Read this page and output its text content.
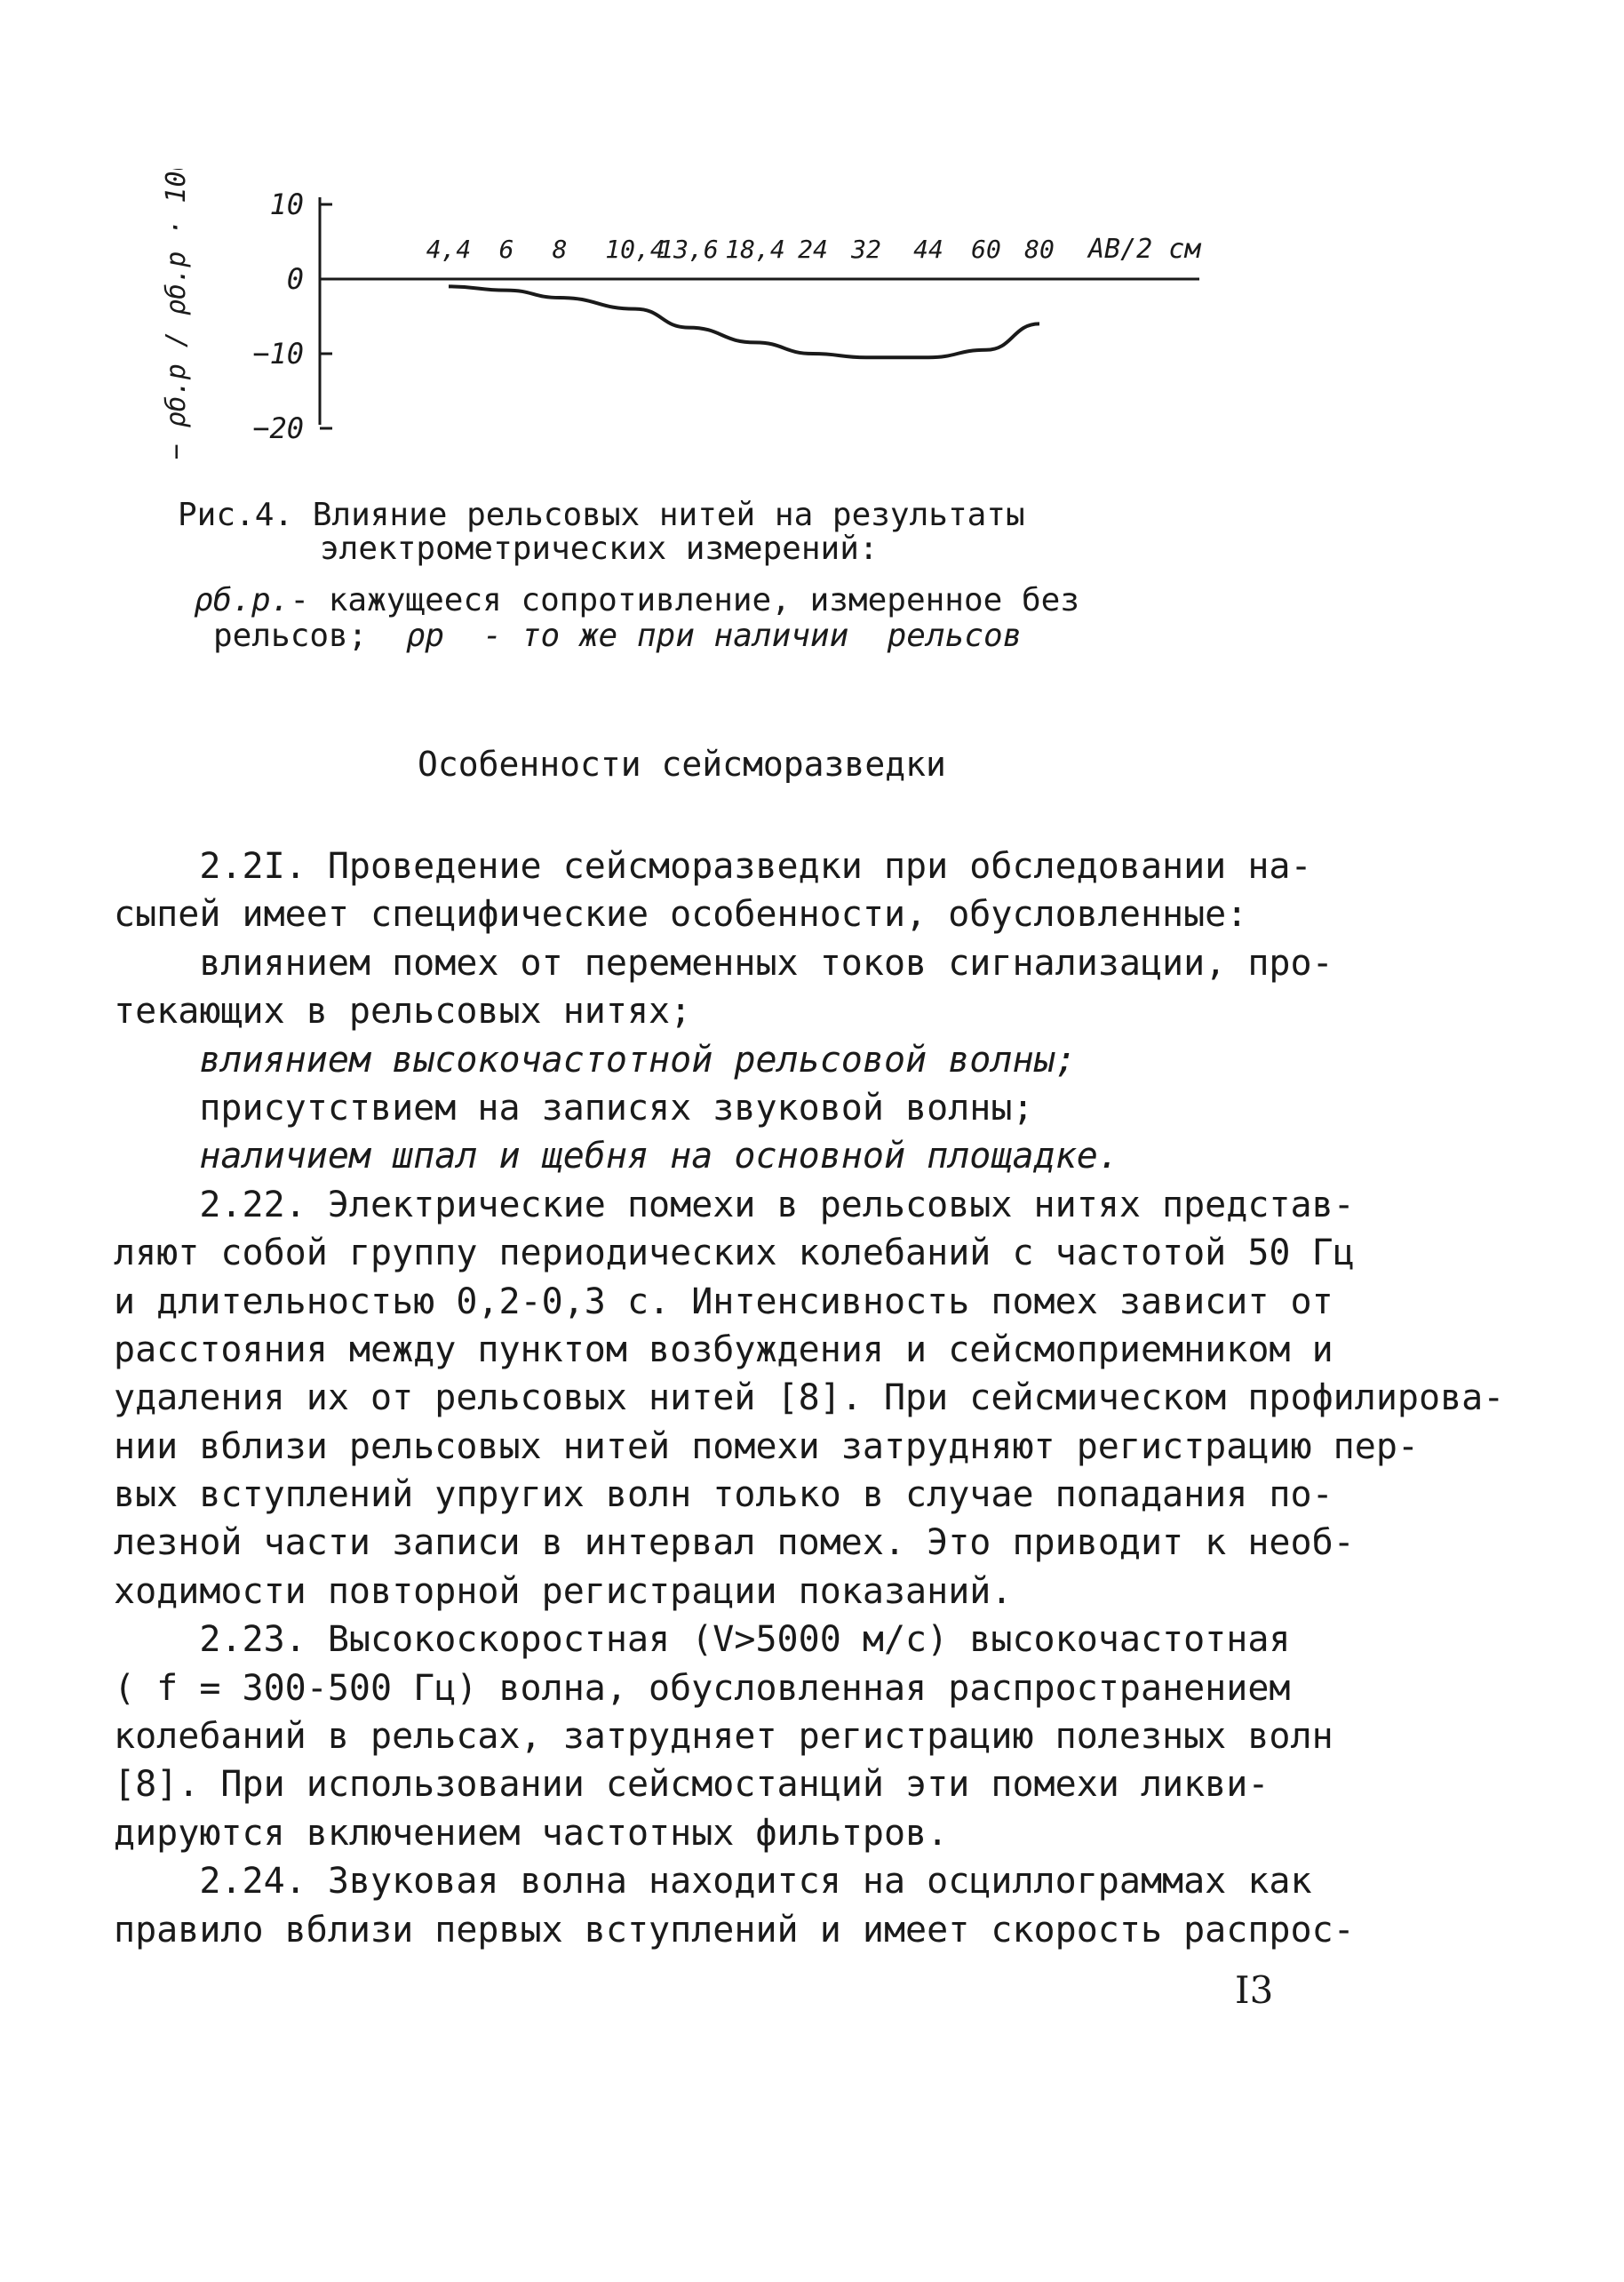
ρр − ρб.р / ρб.р · 100 %	AB/2 см
10
0
−10
−20
4,4 6 8 10,4
13,6 18,4 24 32 44 60 80
Рис.4. Влияние рельсовых нитей на результаты
электрометрических измерений:
ρб.р.- кажущееся сопротивление, измеренное без
рельсов; ρр - то же при наличии  рельсов
Особенности сейсморазведки
2.2I. Проведение сейсморазведки при обследовании на-
сыпей имеет специфические особенности, обусловленные:
влиянием помех от переменных токов сигнализации, про-
текающих в рельсовых нитях;
влиянием высокочастотной рельсовой волны;
присутствием на записях звуковой волны;
наличием шпал и щебня на основной площадке.
2.22. Электрические помехи в рельсовых нитях представ-
ляют собой группу периодических колебаний с частотой 50 Гц
и длительностью 0,2-0,3 с. Интенсивность помех зависит от
расстояния между пунктом возбуждения и сейсмоприемником и
удаления их от рельсовых нитей [8]. При сейсмическом профилирова-
нии вблизи рельсовых нитей помехи затрудняют регистрацию пер-
вых вступлений упругих волн только в случае попадания по-
лезной части записи в интервал помех. Это приводит к необ-
ходимости повторной регистрации показаний.
2.23. Высокоскоростная (V>5000 м/с) высокочастотная
( f = 300-500 Гц) волна, обусловленная распространением
колебаний в рельсах, затрудняет регистрацию полезных волн
[8]. При использовании сейсмостанций эти помехи ликви-
дируются включением частотных фильтров.
2.24. Звуковая волна находится на осциллограммах как
правило вблизи первых вступлений и имеет скорость распрос-
I3
